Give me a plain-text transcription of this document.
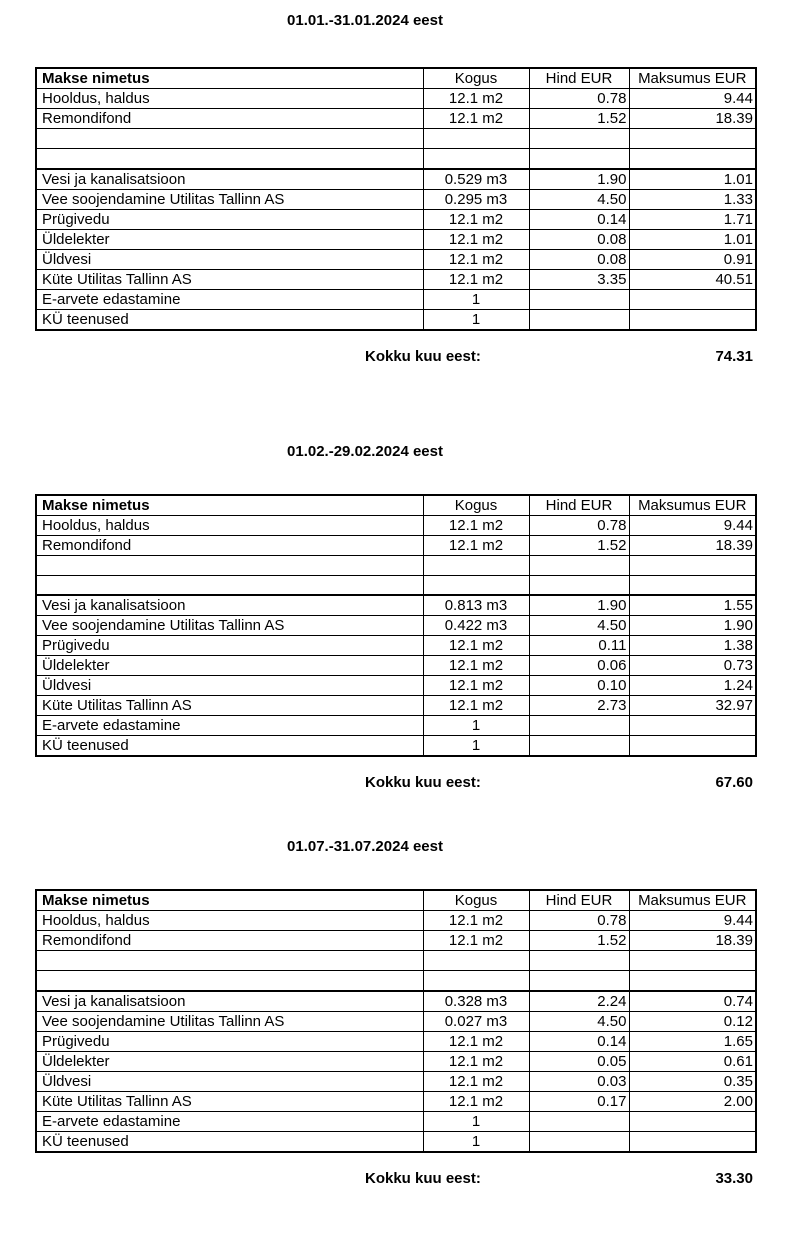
01.01.-31.01.2024 eest
Makse nimetus	Kogus	Hind EUR	Maksumus EUR
Hooldus, haldus	12.1 m2	0.78	9.44
Remondifond	12.1 m2	1.52	18.39

Vesi ja kanalisatsioon	0.529 m3	1.90	1.01
Vee soojendamine Utilitas Tallinn AS	0.295 m3	4.50	1.33
Prügivedu	12.1 m2	0.14	1.71
Üldelekter	12.1 m2	0.08	1.01
Üldvesi	12.1 m2	0.08	0.91
Küte Utilitas Tallinn AS	12.1 m2	3.35	40.51
E-arvete edastamine	1		
KÜ teenused	1		
Kokku kuu eest:	74.31
01.02.-29.02.2024 eest
Makse nimetus	Kogus	Hind EUR	Maksumus EUR
Hooldus, haldus	12.1 m2	0.78	9.44
Remondifond	12.1 m2	1.52	18.39

Vesi ja kanalisatsioon	0.813 m3	1.90	1.55
Vee soojendamine Utilitas Tallinn AS	0.422 m3	4.50	1.90
Prügivedu	12.1 m2	0.11	1.38
Üldelekter	12.1 m2	0.06	0.73
Üldvesi	12.1 m2	0.10	1.24
Küte Utilitas Tallinn AS	12.1 m2	2.73	32.97
E-arvete edastamine	1		
KÜ teenused	1		
Kokku kuu eest:	67.60
01.07.-31.07.2024 eest
Makse nimetus	Kogus	Hind EUR	Maksumus EUR
Hooldus, haldus	12.1 m2	0.78	9.44
Remondifond	12.1 m2	1.52	18.39

Vesi ja kanalisatsioon	0.328 m3	2.24	0.74
Vee soojendamine Utilitas Tallinn AS	0.027 m3	4.50	0.12
Prügivedu	12.1 m2	0.14	1.65
Üldelekter	12.1 m2	0.05	0.61
Üldvesi	12.1 m2	0.03	0.35
Küte Utilitas Tallinn AS	12.1 m2	0.17	2.00
E-arvete edastamine	1		
KÜ teenused	1		
Kokku kuu eest:	33.30
